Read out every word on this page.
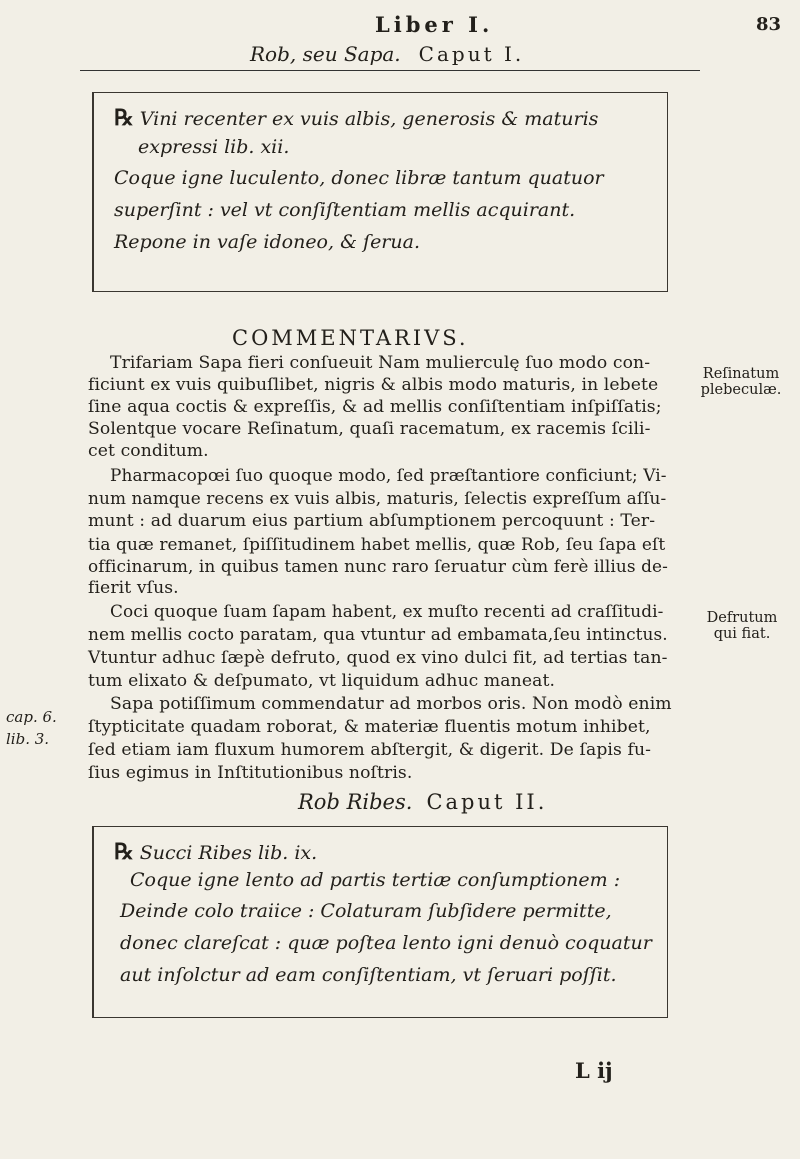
Liber I.	83
Rob, seu Sapa. Caput I.
℞ Vini recenter ex vuis albis, generosis & maturis
expressi lib. xii.
Coque igne luculento, donec libræ tantum quatuor
superſint : vel vt conſiſtentiam mellis acquirant.
Repone in vaſe idoneo, & ſerua.
COMMENTARIVS.
Reſinatum
plebeculæ.
Trifariam Sapa fieri conſueuit Nam mulierculę ſuo modo con-
ficiunt ex vuis quibuſlibet, nigris & albis modo maturis, in lebete
ſine aqua coctis & expreſſis, & ad mellis conſiſtentiam inſpiſſatis;
Solentque vocare Reſinatum, quaſi racematum, ex racemis ſcili-
cet conditum.
Pharmacopœi ſuo quoque modo, ſed præſtantiore conficiunt; Vi-
num namque recens ex vuis albis, maturis, ſelectis expreſſum aſſu-
munt : ad duarum eius partium abſumptionem percoquunt : Ter-
tia quæ remanet, ſpiſſitudinem habet mellis, quæ Rob, ſeu ſapa eſt
officinarum, in quibus tamen nunc raro ſeruatur cùm ferè illius de-
fierit vſus.
Coci quoque ſuam ſapam habent, ex muſto recenti ad craſſitudi-
nem mellis cocto paratam, qua vtuntur ad embamata,ſeu intinctus.
Vtuntur adhuc ſæpè defruto, quod ex vino dulci fit, ad tertias tan-
tum elixato & deſpumato, vt liquidum adhuc maneat.
Sapa potiſſimum commendatur ad morbos oris. Non modò enim
ſtypticitate quadam roborat, & materiæ fluentis motum inhibet,
ſed etiam iam fluxum humorem abſtergit, & digerit. De ſapis fu-
ſius egimus in Inſtitutionibus noſtris.
Defrutum
qui fiat.
cap. 6.
lib. 3.
Rob Ribes. Caput II.
℞ Succi Ribes lib. ix.
Coque igne lento ad partis tertiæ conſumptionem :
Deinde colo traiice : Colaturam ſubſidere permitte,
donec clareſcat : quæ poſtea lento igni denuò coquatur
aut inſolctur ad eam conſiſtentiam, vt ſeruari poſſit.
L ij
